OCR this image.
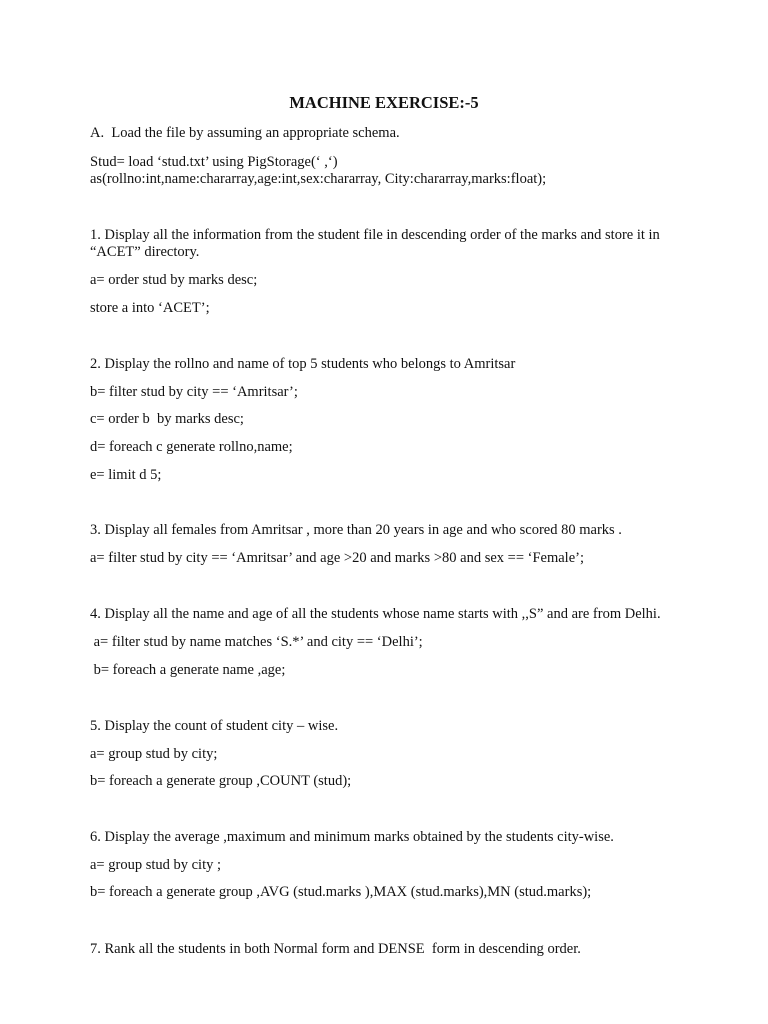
MACHINE EXERCISE:-5
A.  Load the file by assuming an appropriate schema.
Stud= load ‘stud.txt’ using PigStorage(‘ ,‘)
as(rollno:int,name:chararray,age:int,sex:chararray, City:chararray,marks:float);
1. Display all the information from the student file in descending order of the marks and store it in
“ACET” directory.
a= order stud by marks desc;
store a into ‘ACET’;
2. Display the rollno and name of top 5 students who belongs to Amritsar
b= filter stud by city == ‘Amritsar’;
c= order b  by marks desc;
d= foreach c generate rollno,name;
e= limit d 5;
3. Display all females from Amritsar , more than 20 years in age and who scored 80 marks .
a= filter stud by city == ‘Amritsar’ and age >20 and marks >80 and sex == ‘Female’;
4. Display all the name and age of all the students whose name starts with ,,S” and are from Delhi.
a= filter stud by name matches ‘S.*’ and city == ‘Delhi’;
b= foreach a generate name ,age;
5. Display the count of student city – wise.
a= group stud by city;
b= foreach a generate group ,COUNT (stud);
6. Display the average ,maximum and minimum marks obtained by the students city-wise.
a= group stud by city ;
b= foreach a generate group ,AVG (stud.marks ),MAX (stud.marks),MN (stud.marks);
7. Rank all the students in both Normal form and DENSE  form in descending order.
